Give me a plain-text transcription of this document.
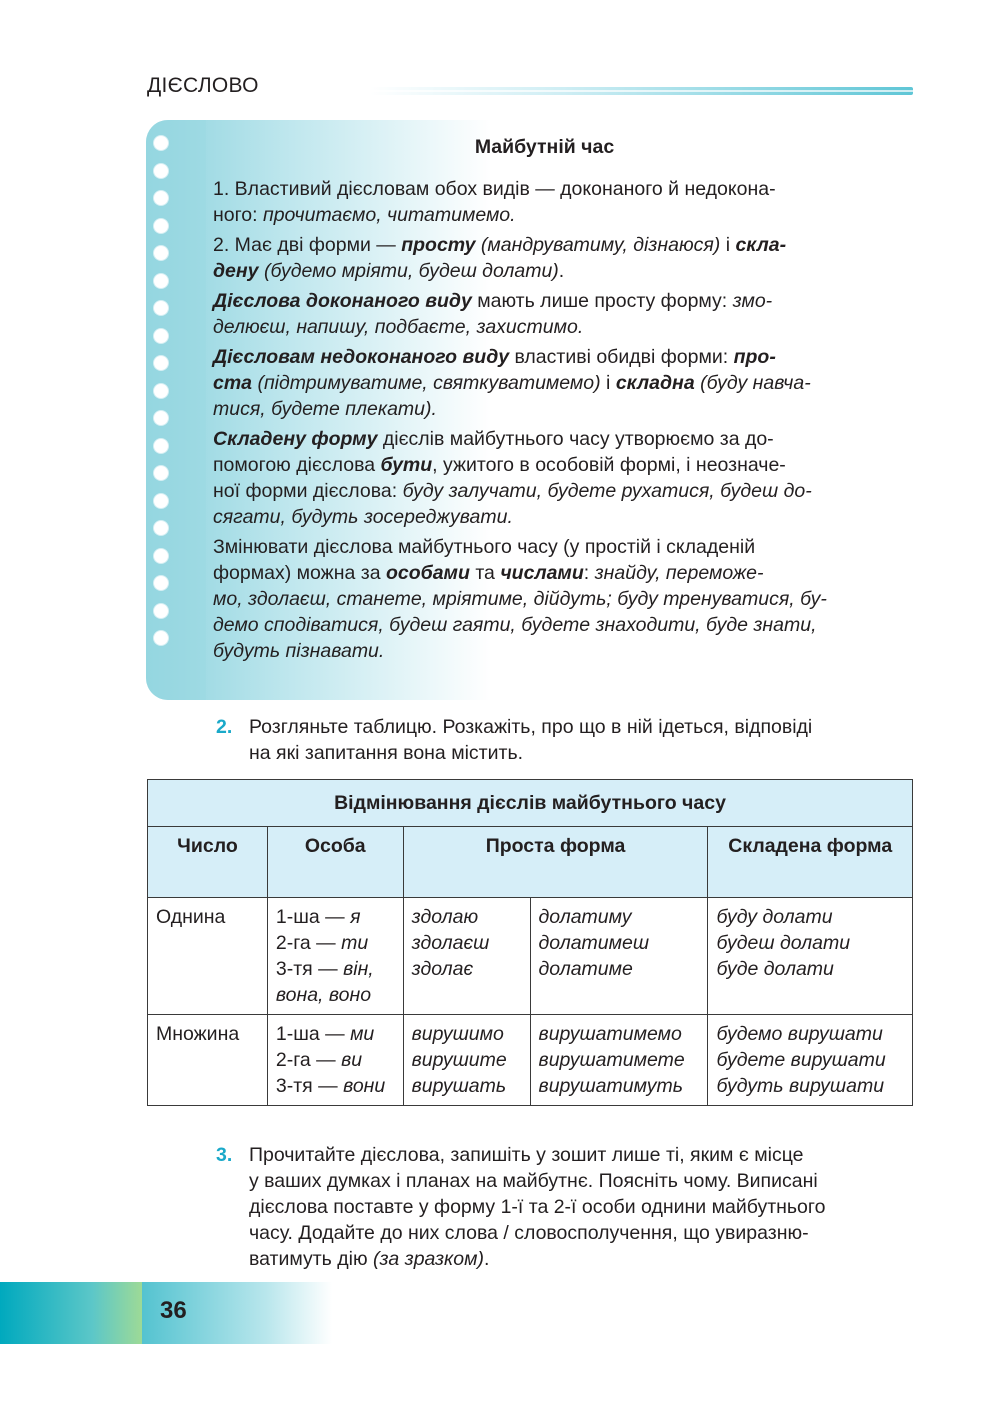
ДІЄСЛОВО
Майбутній час

1. Властивий дієсловам обох видів — доконаного й недокона-
ного: прочитаємо, читатимемо.

2. Має дві форми — просту (мандруватиму, дізнаюся) і скла-
дену (будемо мріяти, будеш долати).

Дієслова доконаного виду мають лише просту форму: змо-
делюєш, напишу, подбаєте, захистимо.

Дієсловам недоконаного виду властиві обидві форми: про-
ста (підтримуватиме, святкуватимемо) і складна (буду навча-
тися, будете плекати).

Складену форму дієслів майбутнього часу утворюємо за до-
помогою дієслова бути, ужитого в особовій формі, і неозначе-
ної форми дієслова: буду залучати, будете рухатися, будеш до-
сягати, будуть зосереджувати.

Змінювати дієслова майбутнього часу (у простій і складеній
формах) можна за особами та числами: знайду, переможе-
мо, здолаєш, станете, мріятиме, дійдуть; буду тренуватися, бу-
демо сподіватися, будеш гаяти, будете знаходити, буде знати,
будуть пізнавати.

2. Розгляньте таблицю. Розкажіть, про що в ній ідеться, відповіді
на які запитання вона містить.
Відмінювання дієслів майбутнього часу				
Число	Особа	Проста форма		Складена форма
Однина	1-ша — я
2-га — ти
3-тя — він,
вона, воно	здолаю
здолаєш
здолає	долатиму
долатимеш
долатиме	буду долати
будеш долати
буде долати

Множина	1-ша — ми
2-га — ви
3-тя — вони	вирушимо
вирушите
вирушать	вирушатимемо
вирушатимете
вирушатимуть	будемо вирушати
будете вирушати
будуть вирушати
3. Прочитайте дієслова, запишіть у зошит лише ті, яким є місце
у ваших думках і планах на майбутнє. Поясніть чому. Виписані
дієслова поставте у форму 1-ї та 2-ї особи однини майбутнього
часу. Додайте до них слова / словосполучення, що увиразню-
ватимуть дію (за зразком).
36
